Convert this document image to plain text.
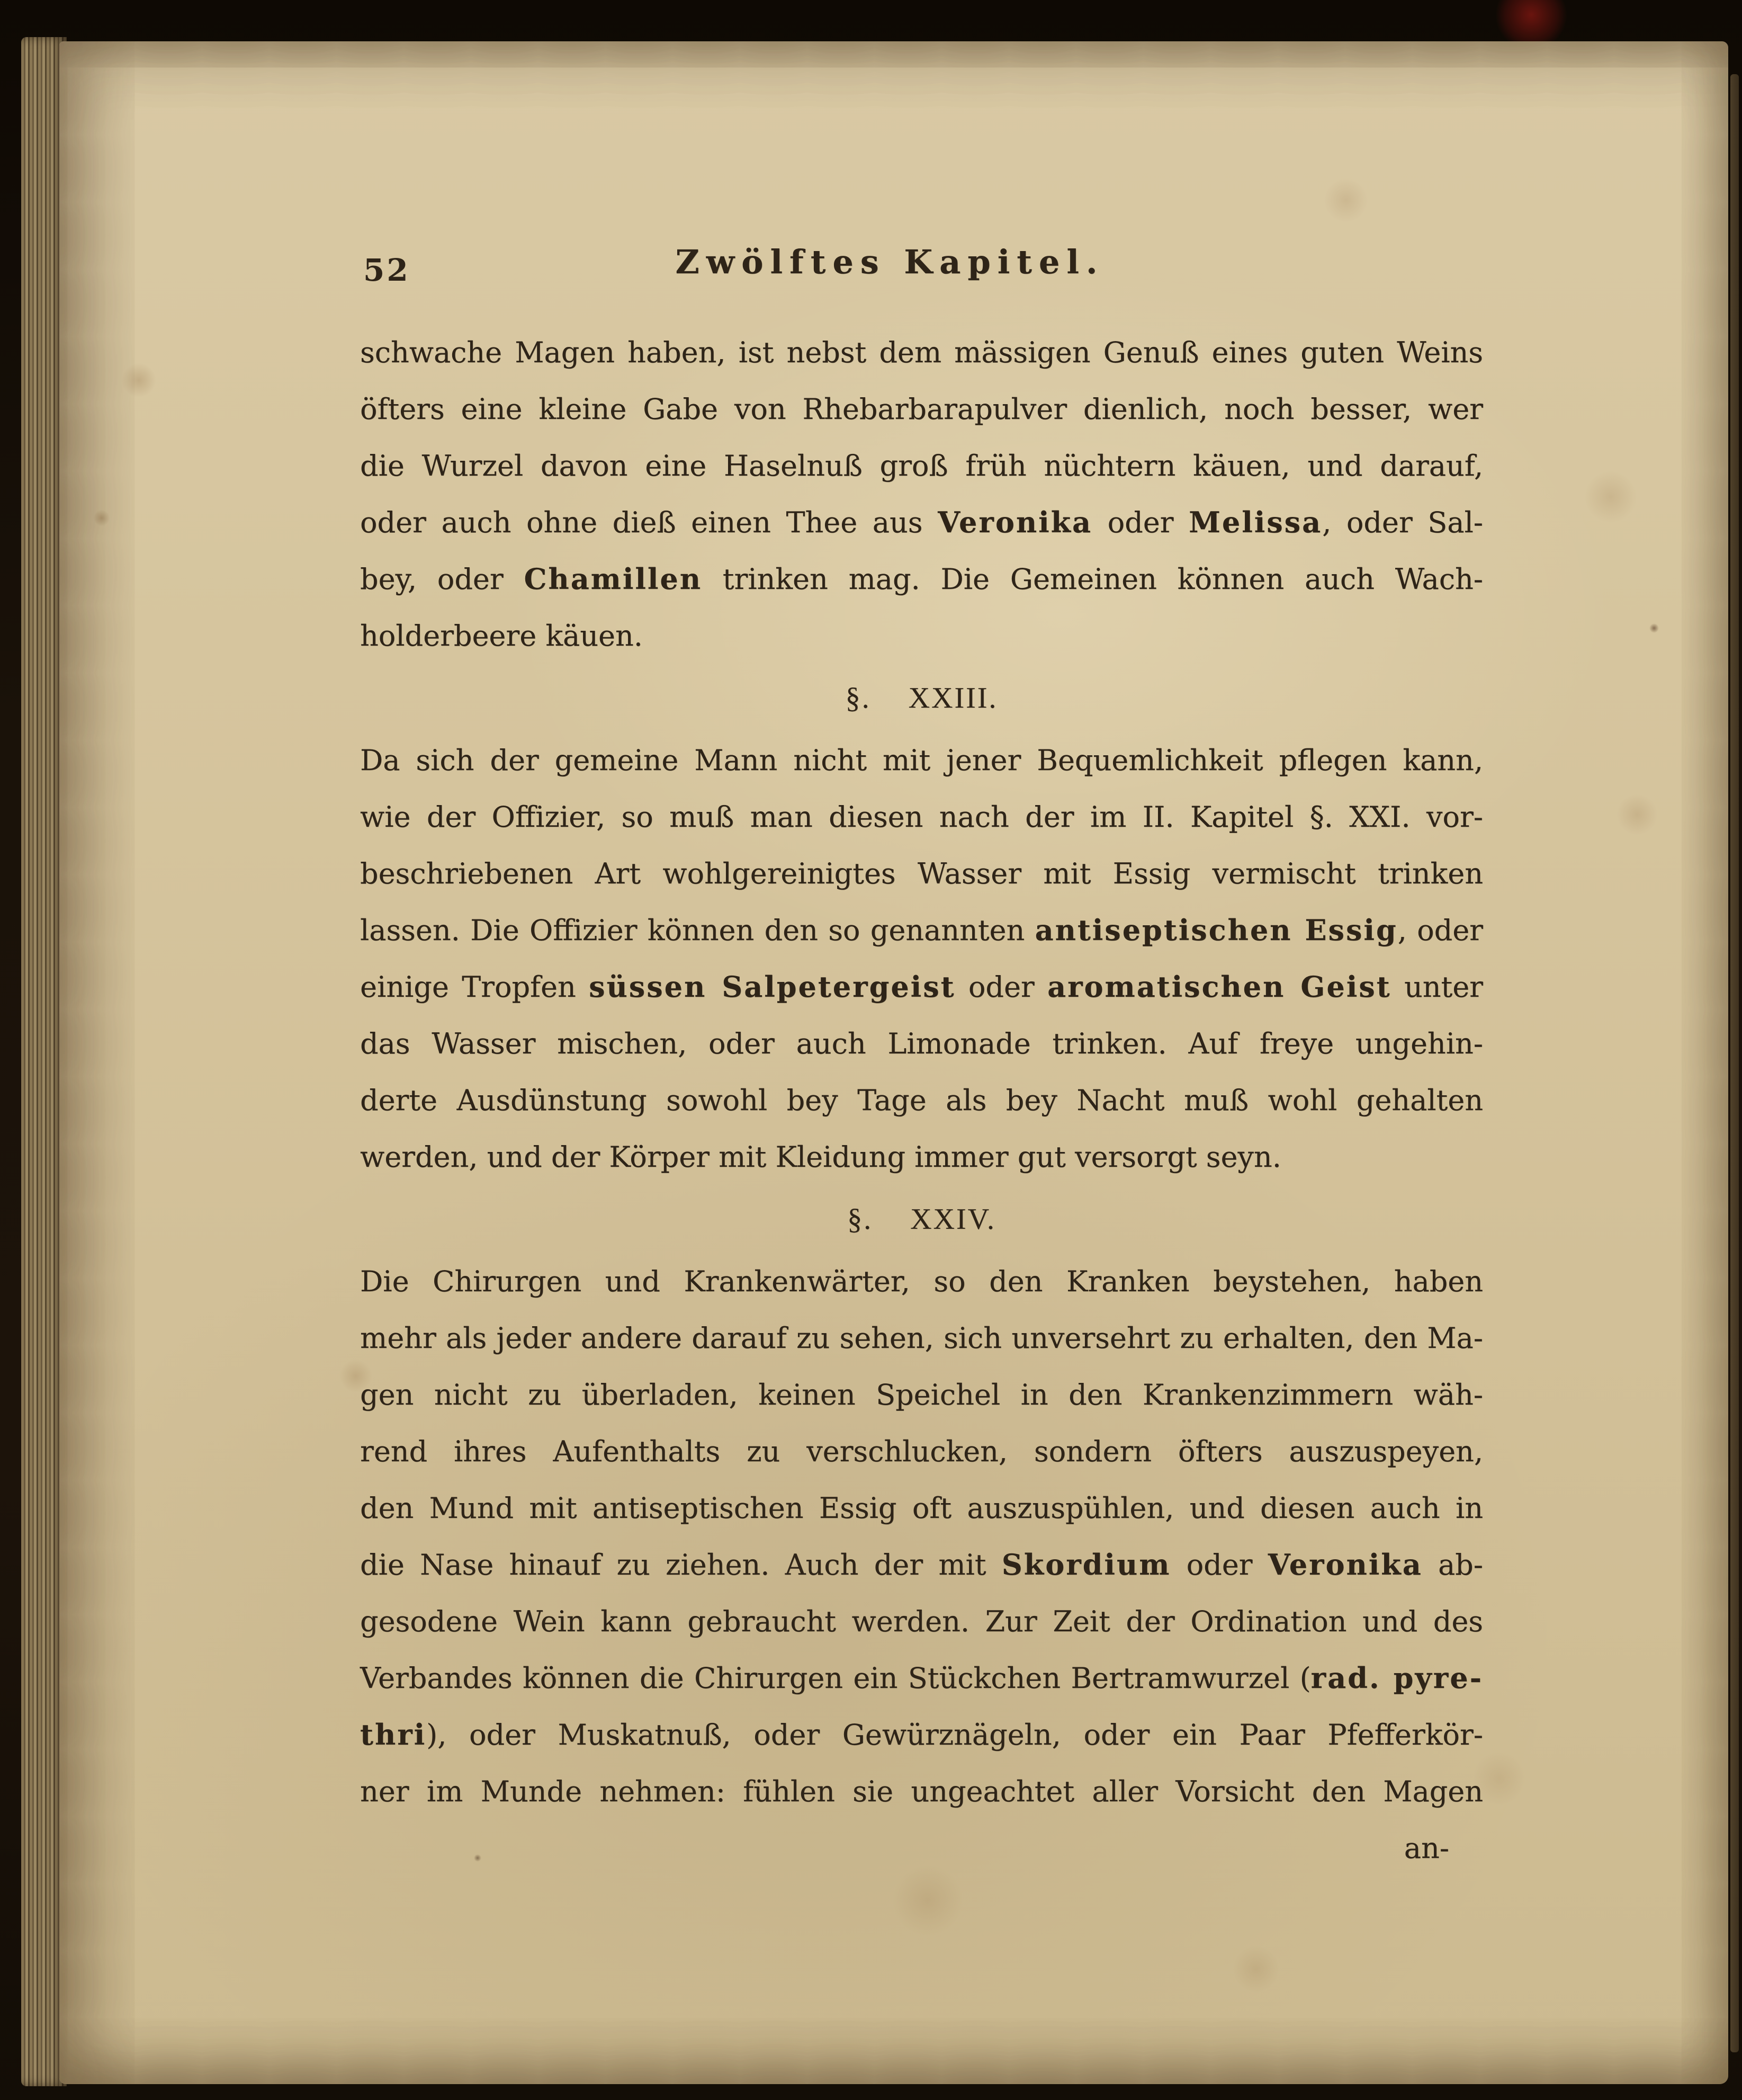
52	Zwölftes Kapitel.
schwache Magen haben, ist nebst dem mässigen Genuß eines guten Weins
öfters eine kleine Gabe von Rhebarbarapulver dienlich, noch besser, wer
die Wurzel davon eine Haselnuß groß früh nüchtern käuen, und darauf,
oder auch ohne dieß einen Thee aus Veronika oder Melissa, oder Sal-
bey, oder Chamillen trinken mag. Die Gemeinen können auch Wach-
holderbeere käuen.
§. XXIII.
Da sich der gemeine Mann nicht mit jener Bequemlichkeit pflegen kann,
wie der Offizier, so muß man diesen nach der im II. Kapitel §. XXI. vor-
beschriebenen Art wohlgereinigtes Wasser mit Essig vermischt trinken
lassen. Die Offizier können den so genannten antiseptischen Essig, oder
einige Tropfen süssen Salpetergeist oder aromatischen Geist unter
das Wasser mischen, oder auch Limonade trinken. Auf freye ungehin-
derte Ausdünstung sowohl bey Tage als bey Nacht muß wohl gehalten
werden, und der Körper mit Kleidung immer gut versorgt seyn.
§. XXIV.
Die Chirurgen und Krankenwärter, so den Kranken beystehen, haben
mehr als jeder andere darauf zu sehen, sich unversehrt zu erhalten, den Ma-
gen nicht zu überladen, keinen Speichel in den Krankenzimmern wäh-
rend ihres Aufenthalts zu verschlucken, sondern öfters auszuspeyen,
den Mund mit antiseptischen Essig oft auszuspühlen, und diesen auch in
die Nase hinauf zu ziehen. Auch der mit Skordium oder Veronika ab-
gesodene Wein kann gebraucht werden. Zur Zeit der Ordination und des
Verbandes können die Chirurgen ein Stückchen Bertramwurzel (rad. pyre-
thri), oder Muskatnuß, oder Gewürznägeln, oder ein Paar Pfefferkör-
ner im Munde nehmen: fühlen sie ungeachtet aller Vorsicht den Magen
an-
